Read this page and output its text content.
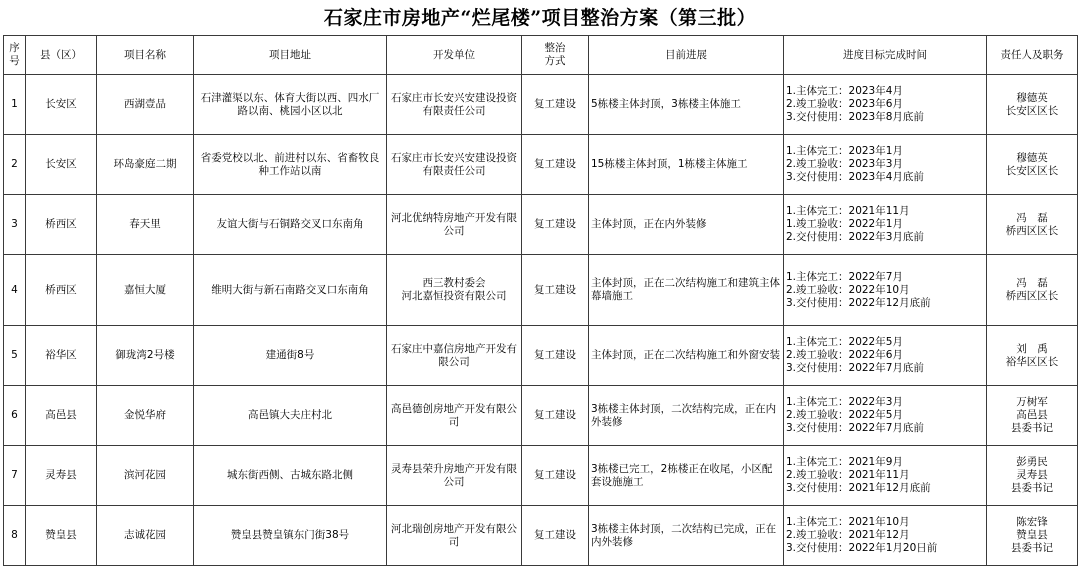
石家庄市房地产“烂尾楼”项目整治方案（第三批）
序
号	县（区）	项目名称	项目地址	开发单位	整治
方式	目前进展	进度目标完成时间	责任人及职务
1	长安区	西湖壹品	石津灌渠以东、体育大街以西、四水厂路以南、桃园小区以北	石家庄市长安兴安建设投资有限责任公司	复工建设	5栋楼主体封顶，3栋楼主体施工	1.主体完工：2023年4月
2.竣工验收：2023年6月
3.交付使用：2023年8月底前	穆德英
长安区区长
2	长安区	环岛豪庭二期	省委党校以北、前进村以东、省畜牧良种工作站以南	石家庄市长安兴安建设投资有限责任公司	复工建设	15栋楼主体封顶，1栋楼主体施工	1.主体完工：2023年1月
2.竣工验收：2023年3月
3.交付使用：2023年4月底前	穆德英
长安区区长
3	桥西区	春天里	友谊大街与石铜路交叉口东南角	河北优纳特房地产开发有限公司	复工建设	主体封顶，正在内外装修	1.主体完工：2021年11月
1.竣工验收：2022年1月
2.交付使用：2022年3月底前	冯　磊
桥西区区长
4	桥西区	嘉恒大厦	维明大街与新石南路交叉口东南角	西三教村委会
河北嘉恒投资有限公司	复工建设	主体封顶，正在二次结构施工和建筑主体幕墙施工	1.主体完工：2022年7月
2.竣工验收：2022年10月
3.交付使用：2022年12月底前	冯　磊
桥西区区长
5	裕华区	御珑湾2号楼	建通街8号	石家庄中嘉信房地产开发有限公司	复工建设	主体封顶，正在二次结构施工和外窗安装	1.主体完工：2022年5月
2.竣工验收：2022年6月
3.交付使用：2022年7月底前	刘　禹
裕华区区长
6	高邑县	金悦华府	高邑镇大夫庄村北	高邑德创房地产开发有限公司	复工建设	3栋楼主体封顶，二次结构完成，正在内外装修	1.主体完工：2022年3月
2.竣工验收：2022年5月
3.交付使用：2022年7月底前	万树军
高邑县
县委书记
7	灵寿县	滨河花园	城东街西侧、古城东路北侧	灵寿县荣升房地产开发有限公司	复工建设	3栋楼已完工，2栋楼正在收尾，小区配套设施施工	1.主体完工：2021年9月
2.竣工验收：2021年11月
3.交付使用：2021年12月底前	彭勇民
灵寿县
县委书记
8	赞皇县	志诚花园	赞皇县赞皇镇东门街38号	河北瑞创房地产开发有限公司	复工建设	3栋楼主体封顶，二次结构已完成，正在内外装修	1.主体完工：2021年10月
2.竣工验收：2021年12月
3.交付使用：2022年1月20日前	陈宏锋
赞皇县
县委书记
